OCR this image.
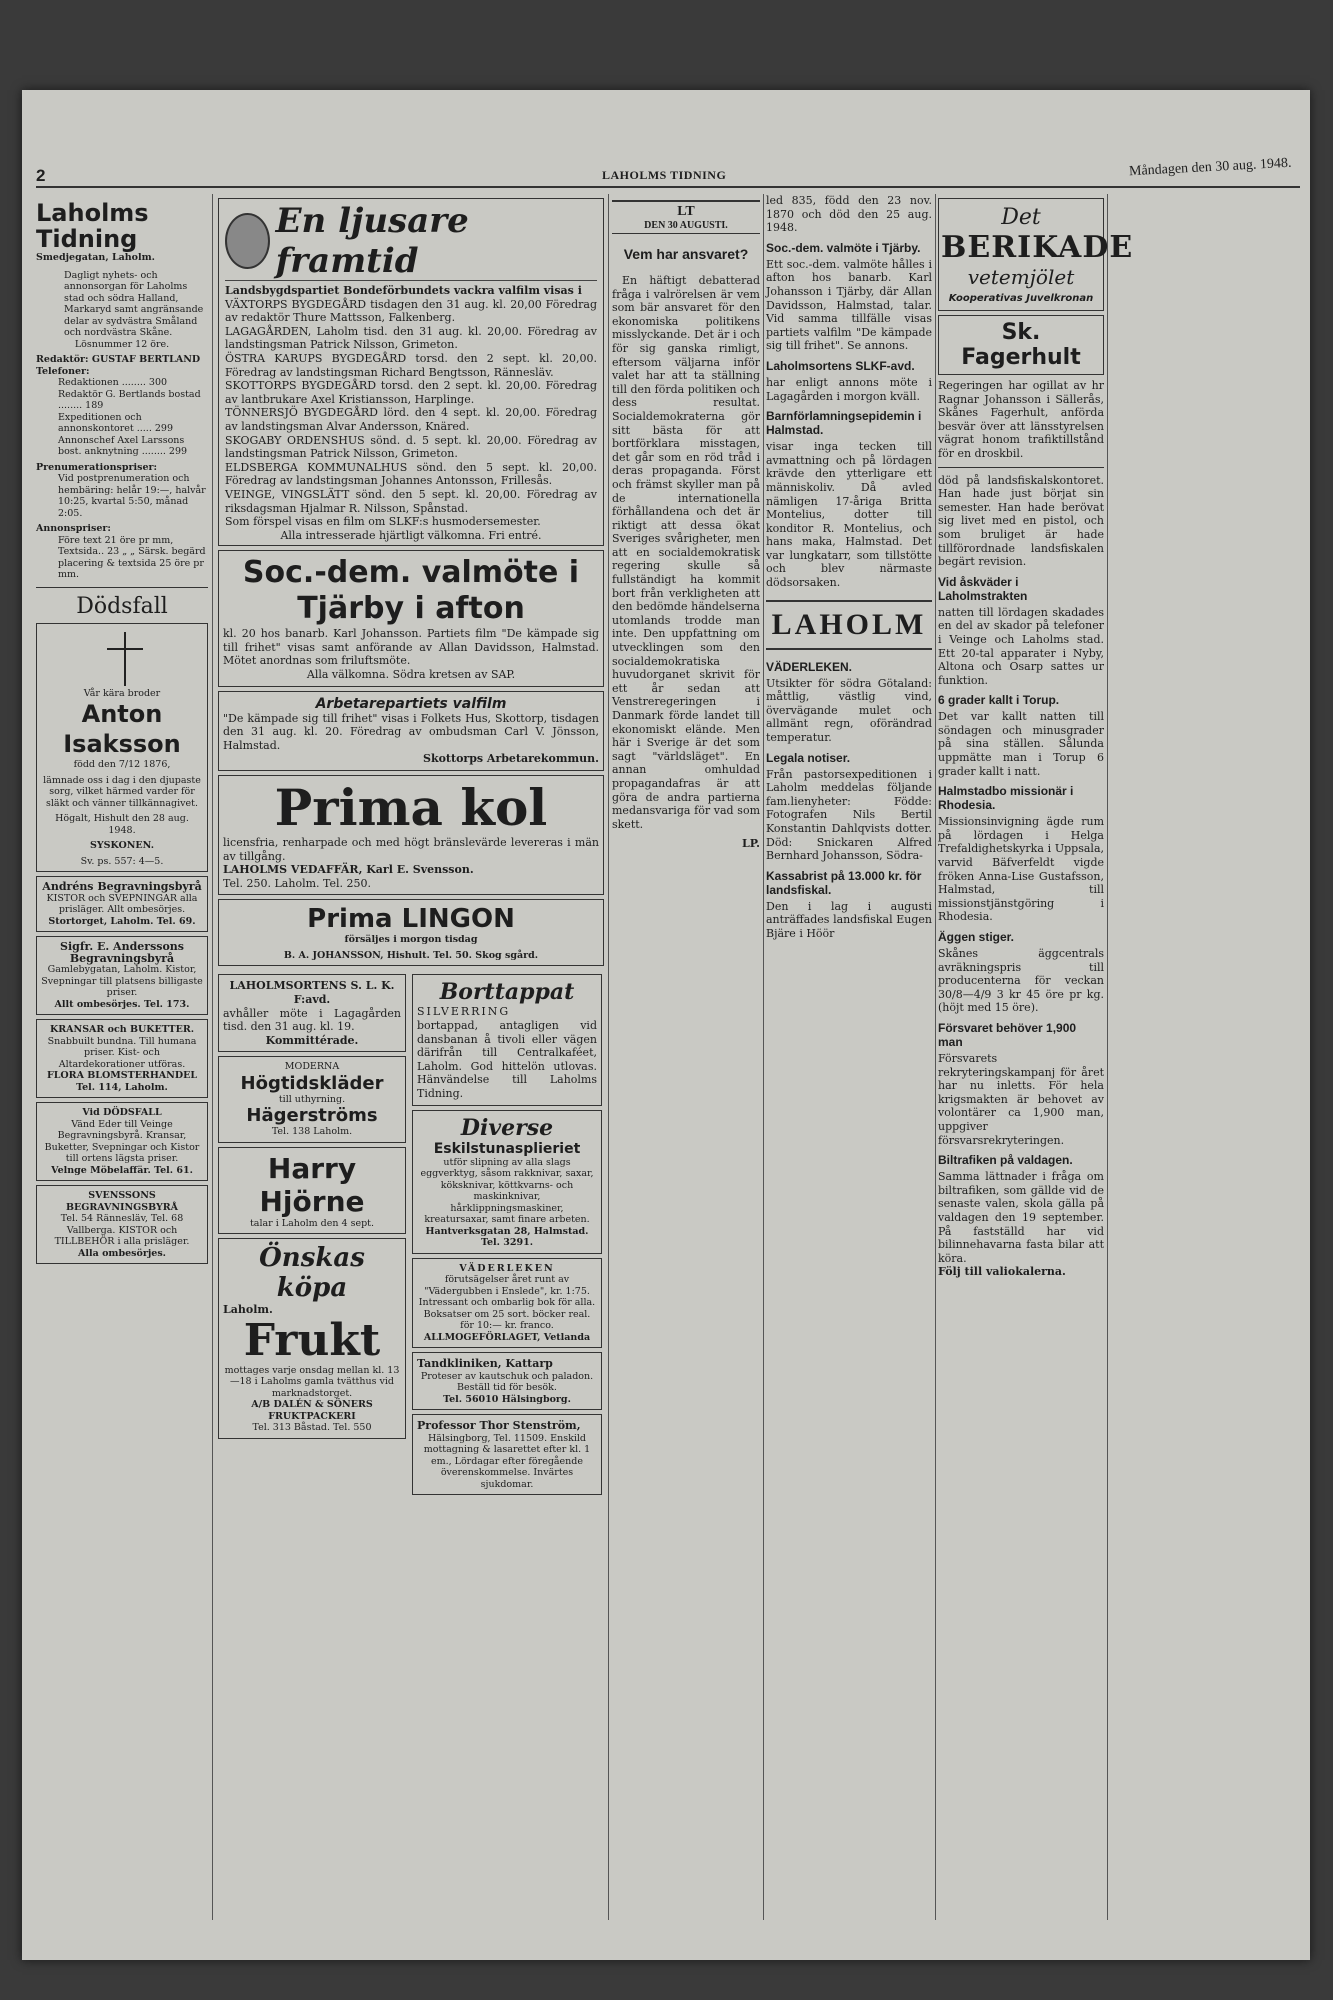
2	LAHOLMS TIDNING	Måndagen den 30 aug. 1948.
Laholms Tidning
Smedjegatan, Laholm.

Dagligt nyhets- och annonsorgan för Laholms stad och södra Halland, Markaryd samt angränsande delar av sydvästra Småland och nordvästra Skåne.

Lösnummer 12 öre.

Redaktör: GUSTAF BERTLAND

Telefoner:

Redaktionen ........ 300

Redaktör G. Bertlands bostad ........ 189

Expeditionen och annonskontoret ..... 299

Annonschef Axel Larssons bost. anknytning ........ 299

Prenumerationspriser:

Vid postprenumeration och hembäring: helår 19:—, halvår 10:25, kvartal 5:50, månad 2:05.

Annonspriser:

Före text 21 öre pr mm, Textsida.. 23 „ „ Särsk. begärd placering & textsida 25 öre pr mm.

Dödsfall

Vår kära broder

Anton Isaksson

född den 7/12 1876,

lämnade oss i dag i den djupaste sorg, vilket härmed varder för släkt och vänner tillkännagivet.

Högalt, Hishult den 28 aug. 1948.

SYSKONEN.

Sv. ps. 557: 4—5.

Andréns Begravningsbyrå

KISTOR och SVEPNINGAR alla prisläger. Allt ombesörjes.

Stortorget, Laholm. Tel. 69.

Sigfr. E. Anderssons Begravningsbyrå

Gamlebygatan, Laholm. Kistor, Svepningar till platsens billigaste priser.

Allt ombesörjes. Tel. 173.

KRANSAR och BUKETTER.

Snabbuilt bundna. Till humana priser. Kist- och Altardekorationer utföras.

FLORA BLOMSTERHANDEL Tel. 114, Laholm.

Vid DÖDSFALL

Vänd Eder till Veinge Begravningsbyrå. Kransar, Buketter, Svepningar och Kistor till ortens lägsta priser.

Velnge Möbelaffär. Tel. 61.

SVENSSONS BEGRAVNINGSBYRÅ

Tel. 54 Rännesläv, Tel. 68 Vallberga. KISTOR och TILLBEHÖR i alla prisläger.

Alla ombesörjes.

En ljusare framtid

Landsbygdspartiet Bondeförbundets vackra valfilm visas i

VÄXTORPS BYGDEGÅRD tisdagen den 31 aug. kl. 20,00 Föredrag av redaktör Thure Mattsson, Falkenberg.

LAGAGÅRDEN, Laholm tisd. den 31 aug. kl. 20,00. Föredrag av landstingsman Patrick Nilsson, Grimeton.

ÖSTRA KARUPS BYGDEGÅRD torsd. den 2 sept. kl. 20,00. Föredrag av landstingsman Richard Bengtsson, Rännesläv.

SKOTTORPS BYGDEGÅRD torsd. den 2 sept. kl. 20,00. Föredrag av lantbrukare Axel Kristiansson, Harplinge.

TÖNNERSJÖ BYGDEGÅRD lörd. den 4 sept. kl. 20,00. Föredrag av landstingsman Alvar Andersson, Knäred.

SKOGABY ORDENSHUS sönd. d. 5 sept. kl. 20,00. Föredrag av landstingsman Patrick Nilsson, Grimeton.

ELDSBERGA KOMMUNALHUS sönd. den 5 sept. kl. 20,00. Föredrag av landstingsman Johannes Antonsson, Frillesås.

VEINGE, VINGSLÄTT sönd. den 5 sept. kl. 20,00. Föredrag av riksdagsman Hjalmar R. Nilsson, Spånstad.

Som förspel visas en film om SLKF:s husmodersemester.

Alla intresserade hjärtligt välkomna. Fri entré.

Soc.-dem. valmöte i Tjärby i afton

kl. 20 hos banarb. Karl Johansson. Partiets film "De kämpade sig till frihet" visas samt anförande av Allan Davidsson, Halmstad. Mötet anordnas som friluftsmöte.

Alla välkomna. Södra kretsen av SAP.

Arbetarepartiets valfilm

"De kämpade sig till frihet" visas i Folkets Hus, Skottorp, tisdagen den 31 aug. kl. 20. Föredrag av ombudsman Carl V. Jönsson, Halmstad.

Skottorps Arbetarekommun.

Prima kol

licensfria, renharpade och med högt bränslevärde levereras i män av tillgång.

LAHOLMS VEDAFFÄR, Karl E. Svensson.

Tel. 250. Laholm. Tel. 250.

Prima LINGON

försäljes i morgon tisdag

B. A. JOHANSSON, Hishult. Tel. 50. Skog sgård.

LAHOLMSORTENS S. L. K. F:avd.

avhåller möte i Lagagården tisd. den 31 aug. kl. 19.

Kommittérade.

MODERNA

Högtidskläder

till uthyrning.

Hägerströms

Tel. 138 Laholm.

Harry Hjörne

talar i Laholm den 4 sept.

Önskas köpa

Laholm.

Frukt

mottages varje onsdag mellan kl. 13—18 i Laholms gamla tvätthus vid marknadstorget.

A/B DALÉN & SÖNERS FRUKTPACKERI

Tel. 313 Båstad. Tel. 550

Borttappat

SILVERRING

bortappad, antagligen vid dansbanan å tivoli eller vägen därifrån till Centralkaféet, Laholm. God hittelön utlovas. Hänvändelse till Laholms Tidning.

Diverse
Eskilstunasplieriet

utför slipning av alla slags eggverktyg, såsom rakknivar, saxar, köksknivar, köttkvarns- och maskinknivar, hårklippningsmaskiner, kreatursaxar, samt finare arbeten.

Hantverksgatan 28, Halmstad. Tel. 3291.

VÄDERLEKEN

förutsägelser året runt av "Vädergubben i Enslede", kr. 1:75. Intressant och ombarlig bok för alla. Boksatser om 25 sort. böcker real. för 10:— kr. franco.

ALLMOGEFÖRLAGET, Vetlanda

Tandkliniken, Kattarp

Proteser av kautschuk och paladon. Beställ tid för besök.

Tel. 56010 Hälsingborg.

Professor Thor Stenström,

Hälsingborg, Tel. 11509. Enskild mottagning & lasarettet efter kl. 1 em., Lördagar efter föregående överenskommelse. Invärtes sjukdomar.

LT
DEN 30 AUGUSTI.
Vem har ansvaret?

En häftigt debatterad fråga i valrörelsen är vem som bär ansvaret för den ekonomiska politikens misslyckande. Det är i och för sig ganska rimligt, eftersom väljarna inför valet har att ta ställning till den förda politiken och dess resultat. Socialdemokraterna gör sitt bästa för att bortförklara misstagen, det går som en röd tråd i deras propaganda. Först och främst skyller man på de internationella förhållandena och det är riktigt att dessa ökat Sveriges svårigheter, men att en socialdemokratisk regering skulle så fullständigt ha kommit bort från verkligheten att den bedömde händelserna utomlands trodde man inte. Den uppfattning om utvecklingen som den socialdemokratiska huvudorganet skrivit för ett år sedan att Venstreregeringen i Danmark förde landet till ekonomiskt elände. Men här i Sverige är det som sagt "världsläget". En annan omhuldad propagandafras är att göra de andra partierna medansvariga för vad som skett.

LP.

led 835, född den 23 nov. 1870 och död den 25 aug. 1948.

Soc.-dem. valmöte i Tjärby.

Ett soc.-dem. valmöte hålles i afton hos banarb. Karl Johansson i Tjärby, där Allan Davidsson, Halmstad, talar. Vid samma tillfälle visas partiets valfilm "De kämpade sig till frihet". Se annons.

Laholmsortens SLKF-avd.

har enligt annons möte i Lagagården i morgon kväll.

Barnförlamningsepidemin i Halmstad.

visar inga tecken till avmattning och på lördagen krävde den ytterligare ett människoliv. Då avled nämligen 17-åriga Britta Montelius, dotter till konditor R. Montelius, och hans maka, Halmstad. Det var lungkatarr, som tillstötte och blev närmaste dödsorsaken.

LAHOLM
VÄDERLEKEN.

Utsikter för södra Götaland: måttlig, västlig vind, övervägande mulet och allmänt regn, oförändrad temperatur.

Legala notiser.

Från pastorsexpeditionen i Laholm meddelas följande fam.lienyheter: Födde: Fotografen Nils Bertil Konstantin Dahlqvists dotter. Död: Snickaren Alfred Bernhard Johansson, Södra-

Kassabrist på 13.000 kr. för landsfiskal.

Den i lag i augusti anträffades landsfiskal Eugen Bjäre i Höör

Det
BERIKADE
vetemjölet
Kooperativas Juvelkronan
Sk. Fagerhult

Regeringen har ogillat av hr Ragnar Johansson i Sällerås, Skånes Fagerhult, anförda besvär över att länsstyrelsen vägrat honom trafiktillstånd för en droskbil.

död på landsfiskalskontoret. Han hade just börjat sin semester. Han hade berövat sig livet med en pistol, och som bruliget är hade tillförordnade landsfiskalen begärt revision.

Vid åskväder i Laholmstrakten

natten till lördagen skadades en del av skador på telefoner i Veinge och Laholms stad. Ett 20-tal apparater i Nyby, Altona och Osarp sattes ur funktion.

6 grader kallt i Torup.

Det var kallt natten till söndagen och minusgrader på sina ställen. Sålunda uppmätte man i Torup 6 grader kallt i natt.

Halmstadbo missionär i Rhodesia.

Missionsinvigning ägde rum på lördagen i Helga Trefaldighetskyrka i Uppsala, varvid Bäfverfeldt vigde fröken Anna-Lise Gustafsson, Halmstad, till missionstjänstgöring i Rhodesia.

Äggen stiger.

Skånes äggcentrals avräkningspris till producenterna för veckan 30/8—4/9 3 kr 45 öre pr kg. (höjt med 15 öre).

Försvaret behöver 1,900 man

Försvarets rekryteringskampanj för året har nu inletts. För hela krigsmakten är behovet av volontärer ca 1,900 man, uppgiver försvarsrekryteringen.

Biltrafiken på valdagen.

Samma lättnader i fråga om biltrafiken, som gällde vid de senaste valen, skola gälla på valdagen den 19 september. På fastställd har vid bilinnehavarna fasta bilar att köra.

Följ till valiokalerna.
